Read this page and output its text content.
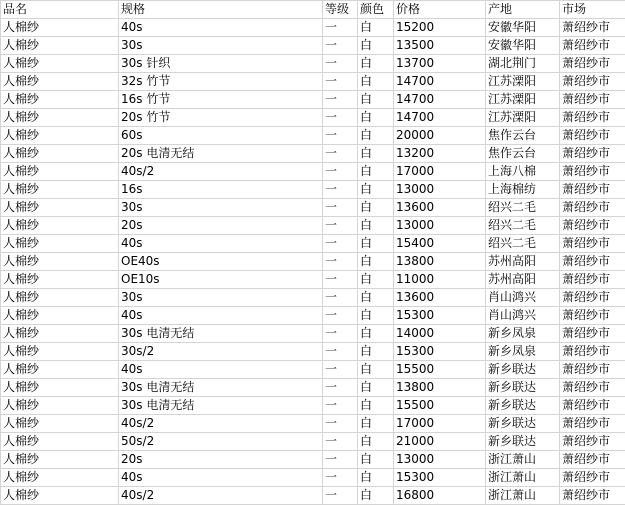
品名	规格	等级	颜色	价格	产地	市场
人棉纱	40s	一	白	15200	安徽华阳	萧绍纱市
人棉纱	30s	一	白	13500	安徽华阳	萧绍纱市
人棉纱	30s 针织	一	白	13700	湖北荆门	萧绍纱市
人棉纱	32s 竹节	一	白	14700	江苏溧阳	萧绍纱市
人棉纱	16s 竹节	一	白	14700	江苏溧阳	萧绍纱市
人棉纱	20s 竹节	一	白	14700	江苏溧阳	萧绍纱市
人棉纱	60s	一	白	20000	焦作云台	萧绍纱市
人棉纱	20s 电清无结	一	白	13200	焦作云台	萧绍纱市
人棉纱	40s/2	一	白	17000	上海八棉	萧绍纱市
人棉纱	16s	一	白	13000	上海棉纺	萧绍纱市
人棉纱	30s	一	白	13600	绍兴二毛	萧绍纱市
人棉纱	20s	一	白	13000	绍兴二毛	萧绍纱市
人棉纱	40s	一	白	15400	绍兴二毛	萧绍纱市
人棉纱	OE40s	一	白	13800	苏州高阳	萧绍纱市
人棉纱	OE10s	一	白	11000	苏州高阳	萧绍纱市
人棉纱	30s	一	白	13600	肖山鸿兴	萧绍纱市
人棉纱	40s	一	白	15300	肖山鸿兴	萧绍纱市
人棉纱	30s 电清无结	一	白	14000	新乡凤泉	萧绍纱市
人棉纱	30s/2	一	白	15300	新乡凤泉	萧绍纱市
人棉纱	40s	一	白	15500	新乡联达	萧绍纱市
人棉纱	30s 电清无结	一	白	13800	新乡联达	萧绍纱市
人棉纱	30s 电清无结	一	白	15500	新乡联达	萧绍纱市
人棉纱	40s/2	一	白	17000	新乡联达	萧绍纱市
人棉纱	50s/2	一	白	21000	新乡联达	萧绍纱市
人棉纱	20s	一	白	13000	浙江萧山	萧绍纱市
人棉纱	40s	一	白	15300	浙江萧山	萧绍纱市
人棉纱	40s/2	一	白	16800	浙江萧山	萧绍纱市
